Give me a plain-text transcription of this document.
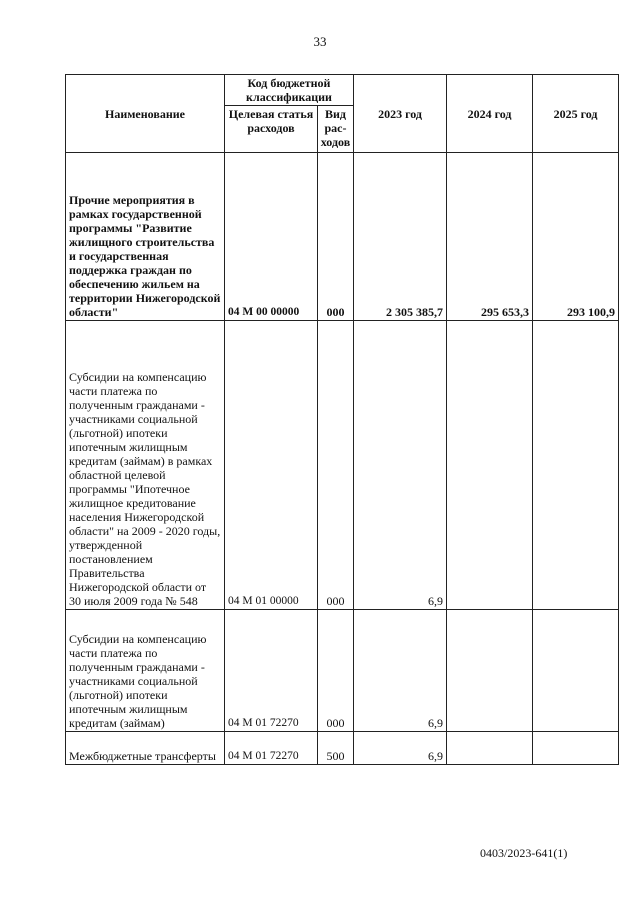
33
Наименование	Код бюджетной классификации		2023 год	2024 год	2025 год
	Целевая статья расходов	Вид рас-ходов			
Прочие мероприятия в рамках государственной программы "Развитие жилищного строительства и государственная поддержка граждан по обеспечению жильем на территории Нижегородской области"	04 М 00 00000	000	2 305 385,7	295 653,3	293 100,9
Субсидии на компенсацию части платежа по полученным гражданами - участниками социальной (льготной) ипотеки ипотечным жилищным кредитам (займам) в рамках областной целевой программы "Ипотечное жилищное кредитование населения Нижегородской области" на 2009 - 2020 годы, утвержденной постановлением Правительства Нижегородской области от 30 июля 2009 года № 548	04 М 01 00000	000	6,9		
Субсидии на компенсацию части платежа по полученным гражданами - участниками социальной (льготной) ипотеки ипотечным жилищным кредитам (займам)	04 М 01 72270	000	6,9		
Межбюджетные трансферты	04 М 01 72270	500	6,9		
0403/2023-641(1)
